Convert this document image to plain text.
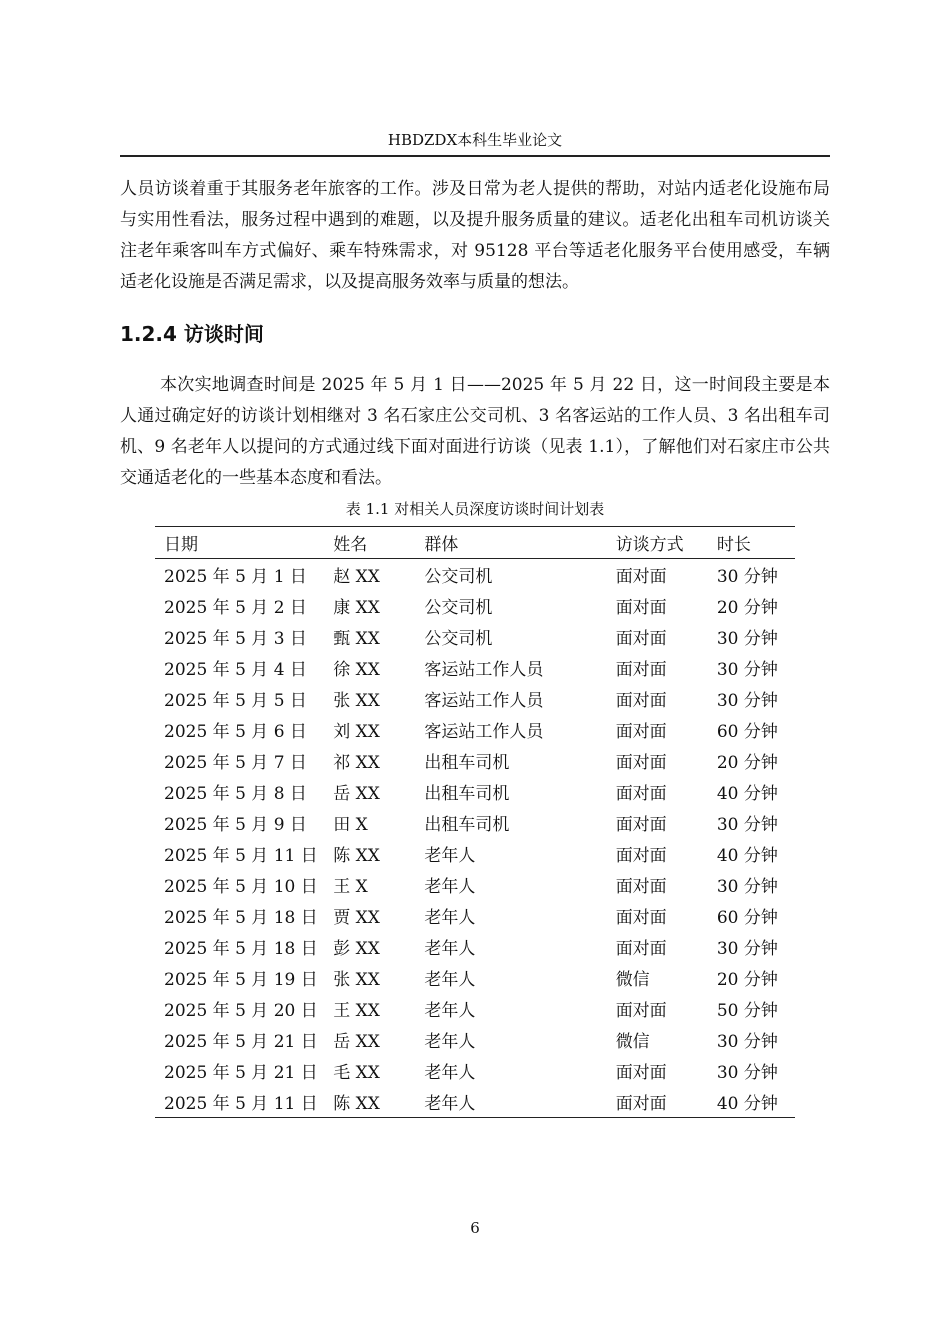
HBDZDX本科生毕业论文

人员访谈着重于其服务老年旅客的工作。涉及日常为老人提供的帮助，对站内适老化设施布局与实用性看法，服务过程中遇到的难题，以及提升服务质量的建议。适老化出租车司机访谈关注老年乘客叫车方式偏好、乘车特殊需求，对 95128 平台等适老化服务平台使用感受，车辆适老化设施是否满足需求，以及提高服务效率与质量的想法。

1.2.4 访谈时间

本次实地调查时间是 2025 年 5 月 1 日——2025 年 5 月 22 日，这一时间段主要是本人通过确定好的访谈计划相继对 3 名石家庄公交司机、3 名客运站的工作人员、3 名出租车司机、9 名老年人以提问的方式通过线下面对面进行访谈（见表 1.1），了解他们对石家庄市公共交通适老化的一些基本态度和看法。

表 1.1 对相关人员深度访谈时间计划表
日期	姓名	群体	访谈方式	时长
2025 年 5 月 1 日	赵 XX	公交司机	面对面	30 分钟
2025 年 5 月 2 日	康 XX	公交司机	面对面	20 分钟
2025 年 5 月 3 日	甄 XX	公交司机	面对面	30 分钟
2025 年 5 月 4 日	徐 XX	客运站工作人员	面对面	30 分钟
2025 年 5 月 5 日	张 XX	客运站工作人员	面对面	30 分钟
2025 年 5 月 6 日	刘 XX	客运站工作人员	面对面	60 分钟
2025 年 5 月 7 日	祁 XX	出租车司机	面对面	20 分钟
2025 年 5 月 8 日	岳 XX	出租车司机	面对面	40 分钟
2025 年 5 月 9 日	田 X	出租车司机	面对面	30 分钟
2025 年 5 月 11 日	陈 XX	老年人	面对面	40 分钟
2025 年 5 月 10 日	王 X	老年人	面对面	30 分钟
2025 年 5 月 18 日	贾 XX	老年人	面对面	60 分钟
2025 年 5 月 18 日	彭 XX	老年人	面对面	30 分钟
2025 年 5 月 19 日	张 XX	老年人	微信	20 分钟
2025 年 5 月 20 日	王 XX	老年人	面对面	50 分钟
2025 年 5 月 21 日	岳 XX	老年人	微信	30 分钟
2025 年 5 月 21 日	毛 XX	老年人	面对面	30 分钟
2025 年 5 月 11 日	陈 XX	老年人	面对面	40 分钟
6
